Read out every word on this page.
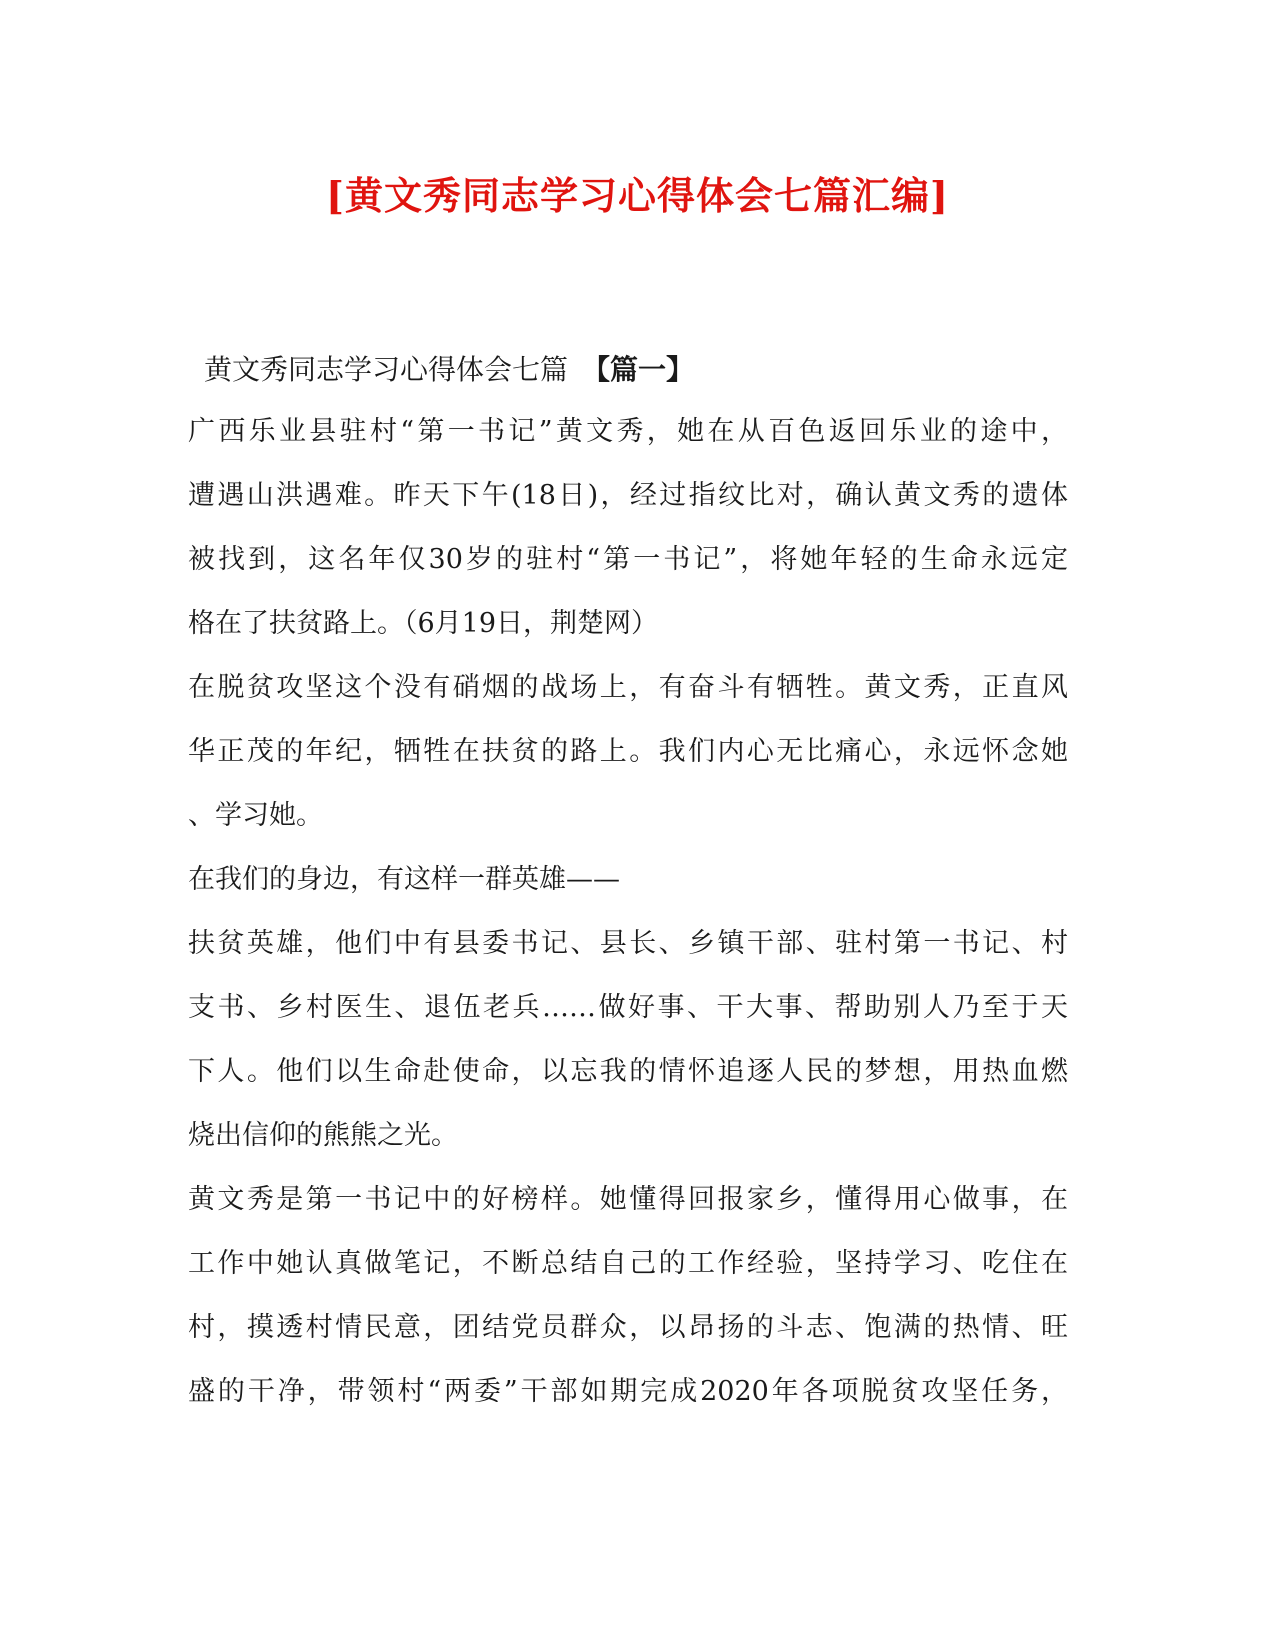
[黄文秀同志学习心得体会七篇汇编]
黄文秀同志学习心得体会七篇 【篇一】
广西乐业县驻村“第一书记”黄文秀，她在从百色返回乐业的途中，
遭遇山洪遇难。昨天下午(18日)，经过指纹比对，确认黄文秀的遗体
被找到，这名年仅30岁的驻村“第一书记”，将她年轻的生命永远定
格在了扶贫路上。（6月19日，荆楚网）
在脱贫攻坚这个没有硝烟的战场上，有奋斗有牺牲。黄文秀，正直风
华正茂的年纪，牺牲在扶贫的路上。我们内心无比痛心，永远怀念她
、学习她。
在我们的身边，有这样一群英雄——
扶贫英雄，他们中有县委书记、县长、乡镇干部、驻村第一书记、村
支书、乡村医生、退伍老兵……做好事、干大事、帮助别人乃至于天
下人。他们以生命赴使命，以忘我的情怀追逐人民的梦想，用热血燃
烧出信仰的熊熊之光。
黄文秀是第一书记中的好榜样。她懂得回报家乡，懂得用心做事，在
工作中她认真做笔记，不断总结自己的工作经验，坚持学习、吃住在
村，摸透村情民意，团结党员群众，以昂扬的斗志、饱满的热情、旺
盛的干净，带领村“两委”干部如期完成2020年各项脱贫攻坚任务，
